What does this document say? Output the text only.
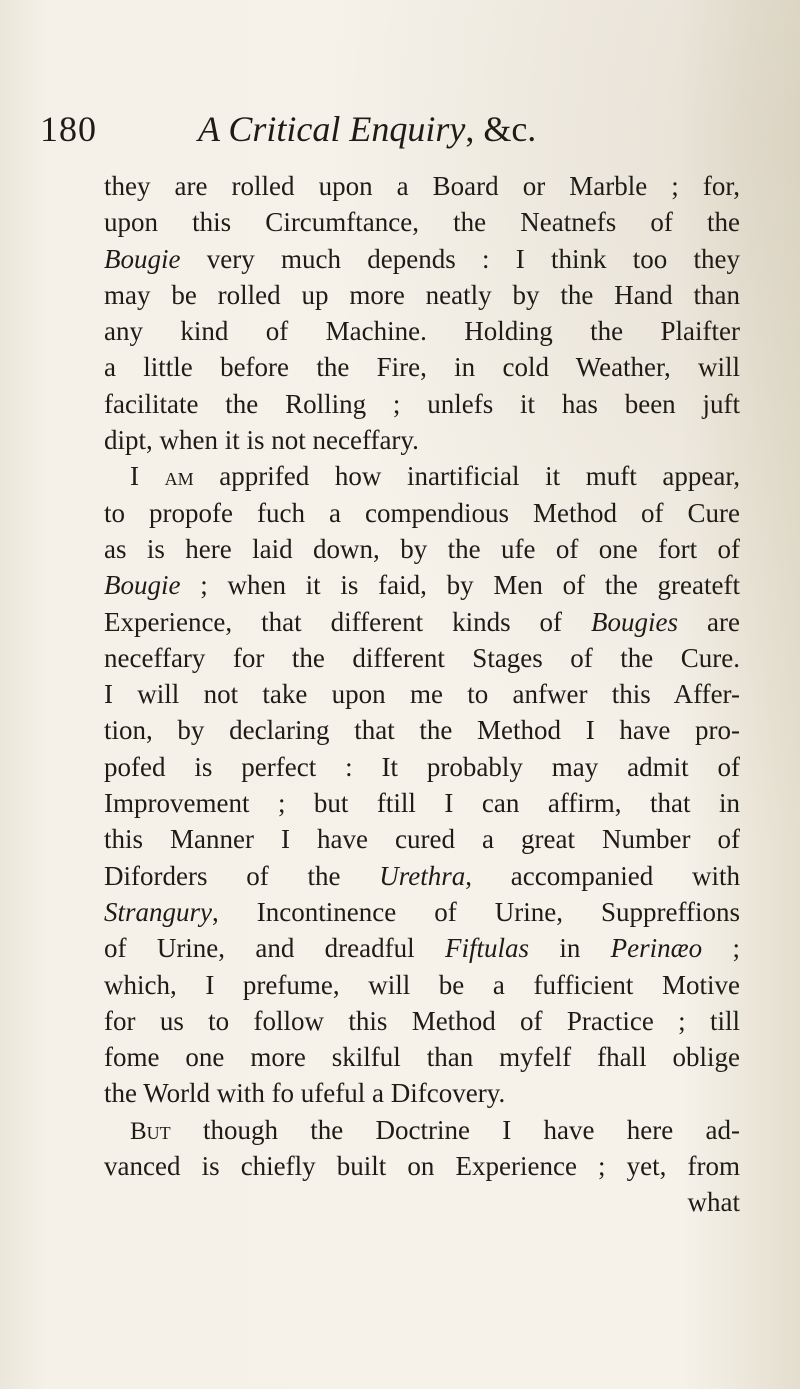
180	A Critical Enquiry, &c.
they are rolled upon a Board or Marble ; for,
upon this Circumftance, the Neatnefs of the
Bougie very much depends : I think too they
may be rolled up more neatly by the Hand than
any kind of Machine. Holding the Plaifter
a little before the Fire, in cold Weather, will
facilitate the Rolling ; unlefs it has been juft
dipt, when it is not neceffary.
I am apprifed how inartificial it muft appear,
to propofe fuch a compendious Method of Cure
as is here laid down, by the ufe of one fort of
Bougie ; when it is faid, by Men of the greateft
Experience, that different kinds of Bougies are
neceffary for the different Stages of the Cure.
I will not take upon me to anfwer this Affer-
tion, by declaring that the Method I have pro-
pofed is perfect : It probably may admit of
Improvement ; but ftill I can affirm, that in
this Manner I have cured a great Number of
Diforders of the Urethra, accompanied with
Strangury, Incontinence of Urine, Suppreffions
of Urine, and dreadful Fiftulas in Perinæo ;
which, I prefume, will be a fufficient Motive
for us to follow this Method of Practice ; till
fome one more skilful than myfelf fhall oblige
the World with fo ufeful a Difcovery.
But though the Doctrine I have here ad-
vanced is chiefly built on Experience ; yet, from
what
